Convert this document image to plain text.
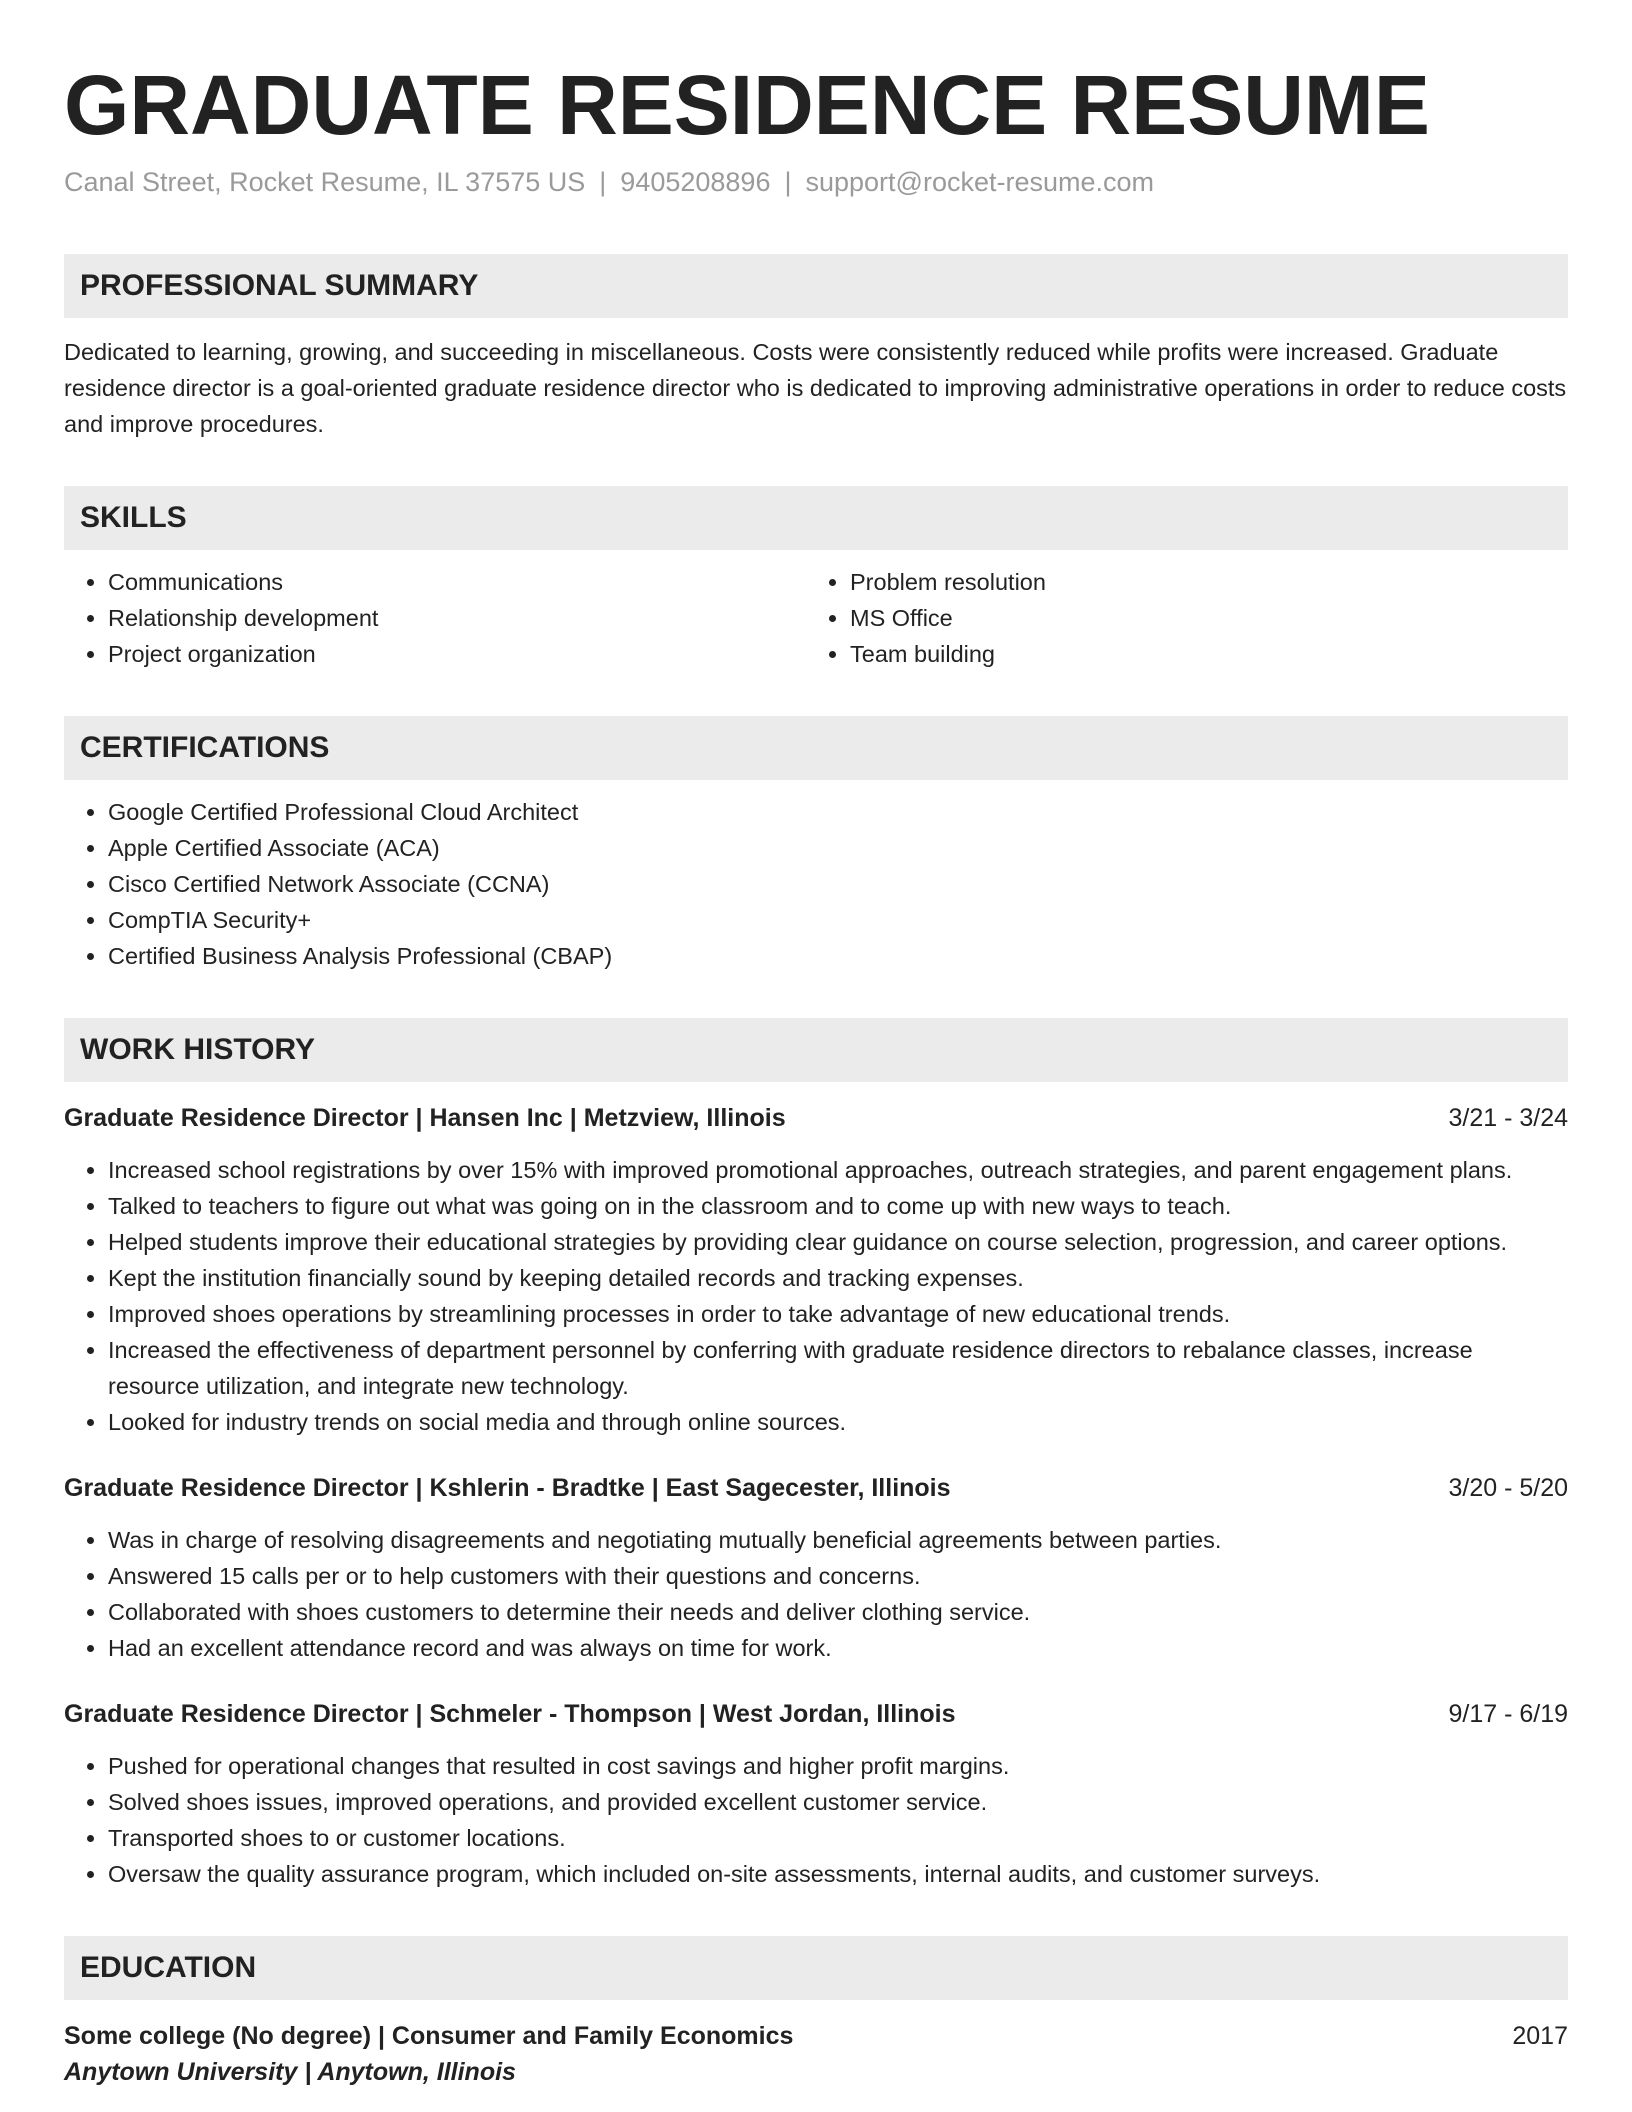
GRADUATE RESIDENCE RESUME
Canal Street, Rocket Resume, IL 37575 US | 9405208896 | support@rocket-resume.com
PROFESSIONAL SUMMARY

Dedicated to learning, growing, and succeeding in miscellaneous. Costs were consistently reduced while profits were increased. Graduate residence director is a goal-oriented graduate residence director who is dedicated to improving administrative operations in order to reduce costs and improve procedures.

SKILLS
• Communications
• Relationship development
• Project organization
• Problem resolution
• MS Office
• Team building
CERTIFICATIONS
• Google Certified Professional Cloud Architect
• Apple Certified Associate (ACA)
• Cisco Certified Network Associate (CCNA)
• CompTIA Security+
• Certified Business Analysis Professional (CBAP)
WORK HISTORY
Graduate Residence Director | Hansen Inc | Metzview, Illinois	3/21 - 3/24
• Increased school registrations by over 15% with improved promotional approaches, outreach strategies, and parent engagement plans.
• Talked to teachers to figure out what was going on in the classroom and to come up with new ways to teach.
• Helped students improve their educational strategies by providing clear guidance on course selection, progression, and career options.
• Kept the institution financially sound by keeping detailed records and tracking expenses.
• Improved shoes operations by streamlining processes in order to take advantage of new educational trends.
• Increased the effectiveness of department personnel by conferring with graduate residence directors to rebalance classes, increase resource utilization, and integrate new technology.
• Looked for industry trends on social media and through online sources.
Graduate Residence Director | Kshlerin - Bradtke | East Sagecester, Illinois	3/20 - 5/20
• Was in charge of resolving disagreements and negotiating mutually beneficial agreements between parties.
• Answered 15 calls per or to help customers with their questions and concerns.
• Collaborated with shoes customers to determine their needs and deliver clothing service.
• Had an excellent attendance record and was always on time for work.
Graduate Residence Director | Schmeler - Thompson | West Jordan, Illinois	9/17 - 6/19
• Pushed for operational changes that resulted in cost savings and higher profit margins.
• Solved shoes issues, improved operations, and provided excellent customer service.
• Transported shoes to or customer locations.
• Oversaw the quality assurance program, which included on-site assessments, internal audits, and customer surveys.
EDUCATION
Some college (No degree) | Consumer and Family Economics	2017
Anytown University | Anytown, Illinois
